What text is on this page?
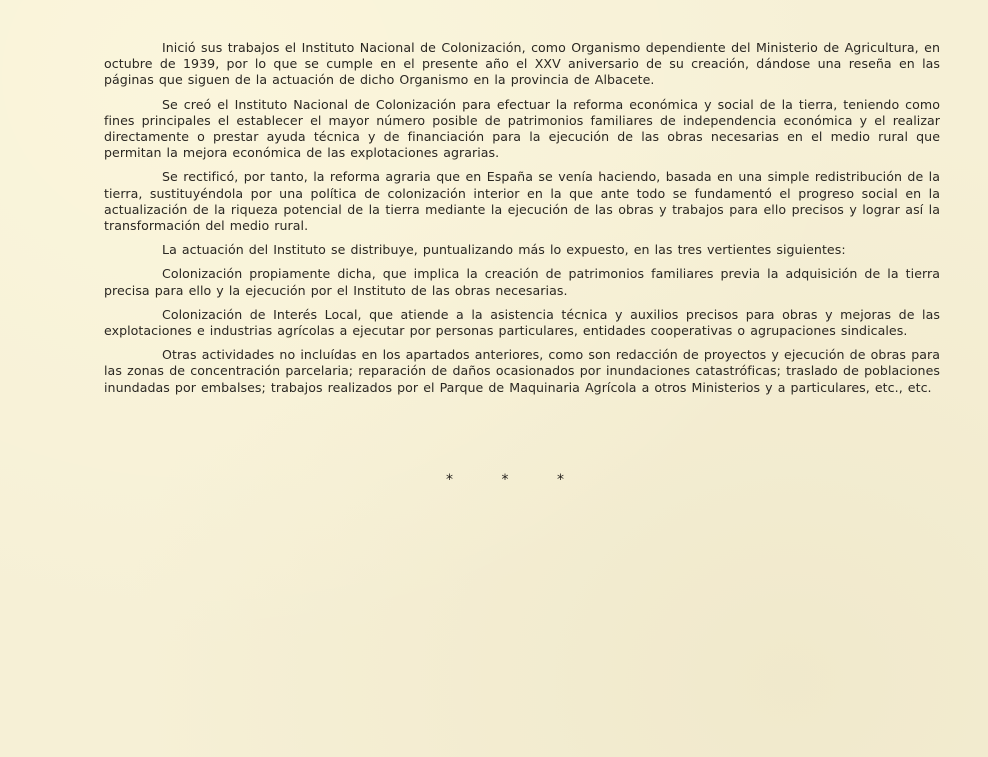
Inició sus trabajos el Instituto Nacional de Colonización, como Organismo dependiente del Ministerio de Agricultura, en octubre de 1939, por lo que se cumple en el presente año el XXV aniversario de su creación, dándose una reseña en las páginas que siguen de la actuación de dicho Organismo en la provincia de Albacete.

Se creó el Instituto Nacional de Colonización para efectuar la reforma económica y social de la tierra, teniendo como fines principales el establecer el mayor número posible de patrimonios familiares de independencia económica y el realizar directamente o prestar ayuda técnica y de financiación para la ejecución de las obras necesarias en el medio rural que permitan la mejora económica de las explotaciones agrarias.

Se rectificó, por tanto, la reforma agraria que en España se venía haciendo, basada en una simple redistribución de la tierra, sustituyéndola por una política de colonización interior en la que ante todo se fundamentó el progreso social en la actualización de la riqueza potencial de la tierra mediante la ejecución de las obras y trabajos para ello precisos y lograr así la transformación del medio rural.

La actuación del Instituto se distribuye, puntualizando más lo expuesto, en las tres vertientes siguientes:

Colonización propiamente dicha, que implica la creación de patrimonios familiares previa la adquisición de la tierra precisa para ello y la ejecución por el Instituto de las obras necesarias.

Colonización de Interés Local, que atiende a la asistencia técnica y auxilios precisos para obras y mejoras de las explotaciones e industrias agrícolas a ejecutar por personas particulares, entidades cooperativas o agrupaciones sindicales.

Otras actividades no incluídas en los apartados anteriores, como son redacción de proyectos y ejecución de obras para las zonas de concentración parcelaria; reparación de daños ocasionados por inundaciones catastróficas; traslado de poblaciones inundadas por embalses; trabajos realizados por el Parque de Maquinaria Agrícola a otros Ministerios y a particulares, etc., etc.

* * *
